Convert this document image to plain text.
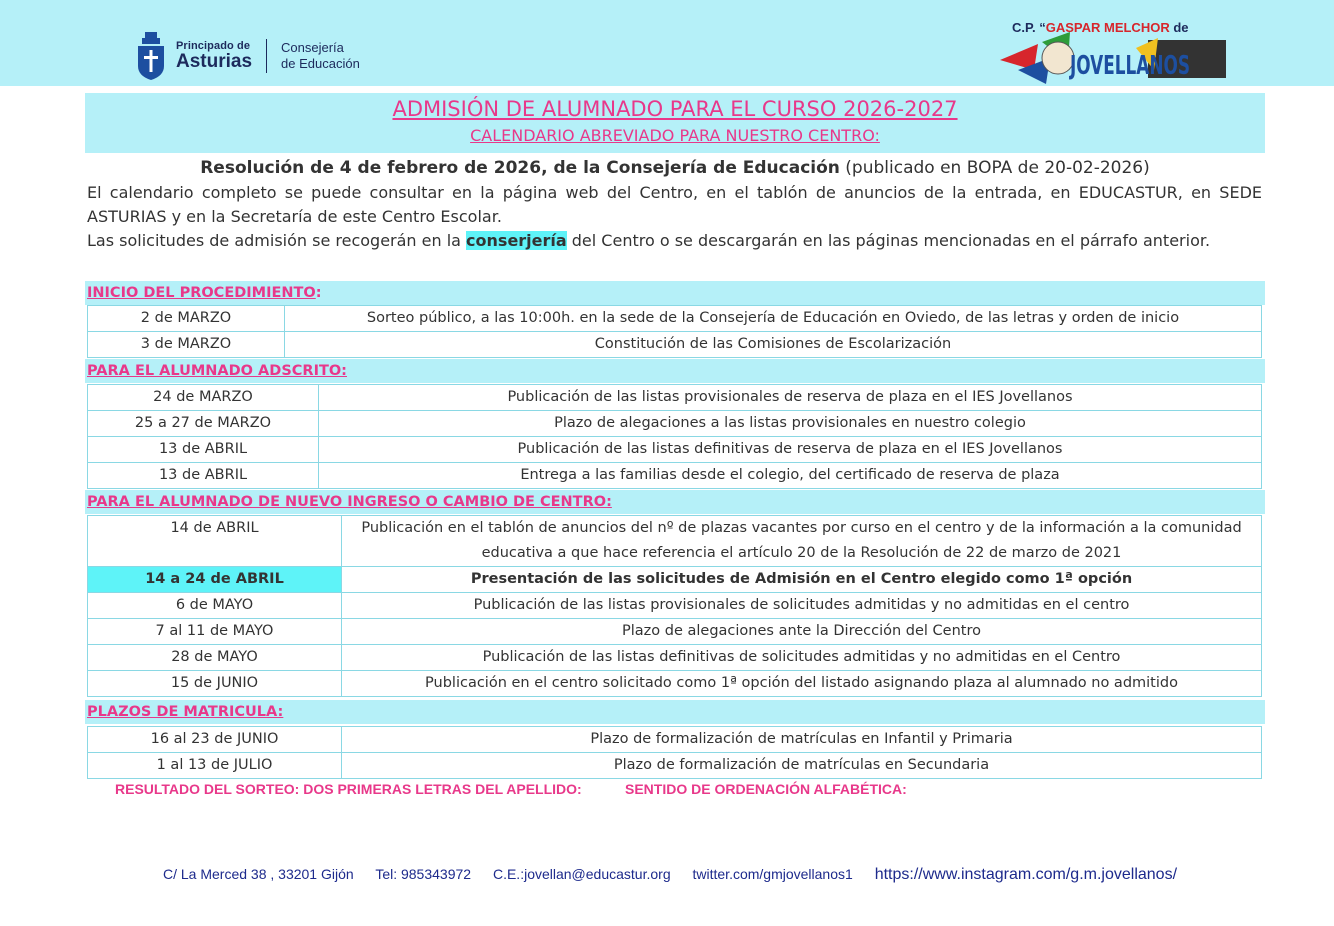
Principado de
Asturias
Consejería
de Educación
C.P. “GASPAR MELCHOR de
JOVELLANOS
ADMISIÓN DE ALUMNADO PARA EL CURSO 2026-2027
CALENDARIO ABREVIADO PARA NUESTRO CENTRO:
Resolución de 4 de febrero de 2026, de la Consejería de Educación (publicado en BOPA de 20-02-2026)
El calendario completo se puede consultar en la página web del Centro, en el tablón de anuncios de la entrada, en EDUCASTUR, en SEDE ASTURIAS y en la Secretaría de este Centro Escolar.
Las solicitudes de admisión se recogerán en la conserjería del Centro o se descargarán en las páginas mencionadas en el párrafo anterior.
INICIO DEL PROCEDIMIENTO:
2 de MARZO	Sorteo público, a las 10:00h. en la sede de la Consejería de Educación en Oviedo, de las letras y orden de inicio
3 de MARZO	Constitución de las Comisiones de Escolarización
PARA EL ALUMNADO ADSCRITO:
24 de MARZO	Publicación de las listas provisionales de reserva de plaza en el IES Jovellanos
25 a 27 de MARZO	Plazo de alegaciones a las listas provisionales en nuestro colegio
13 de ABRIL	Publicación de las listas definitivas de reserva de plaza en el IES Jovellanos
13 de ABRIL	Entrega a las familias desde el colegio, del certificado de reserva de plaza
PARA EL ALUMNADO DE NUEVO INGRESO O CAMBIO DE CENTRO:
14 de ABRIL	Publicación en el tablón de anuncios del nº de plazas vacantes por curso en el centro y de la información a la comunidad educativa a que hace referencia el artículo 20 de la Resolución de 22 de marzo de 2021
14 a 24 de ABRIL	Presentación de las solicitudes de Admisión en el Centro elegido como 1ª opción
6 de MAYO	Publicación de las listas provisionales de solicitudes admitidas y no admitidas en el centro
7 al 11 de MAYO	Plazo de alegaciones ante la Dirección del Centro
28 de MAYO	Publicación de las listas definitivas de solicitudes admitidas y no admitidas en el Centro
15 de JUNIO	Publicación en el centro solicitado como 1ª opción del listado asignando plaza al alumnado no admitido
PLAZOS DE MATRICULA:
16 al 23 de JUNIO	Plazo de formalización de matrículas en Infantil y Primaria
1 al 13 de JULIO	Plazo de formalización de matrículas en Secundaria
RESULTADO DEL SORTEO: DOS PRIMERAS LETRAS DEL APELLIDO:	SENTIDO DE ORDENACIÓN ALFABÉTICA:
C/ La Merced 38 , 33201 Gijón Tel: 985343972 C.E.:jovellan@educastur.org twitter.com/gmjovellanos1 https://www.instagram.com/g.m.jovellanos/
